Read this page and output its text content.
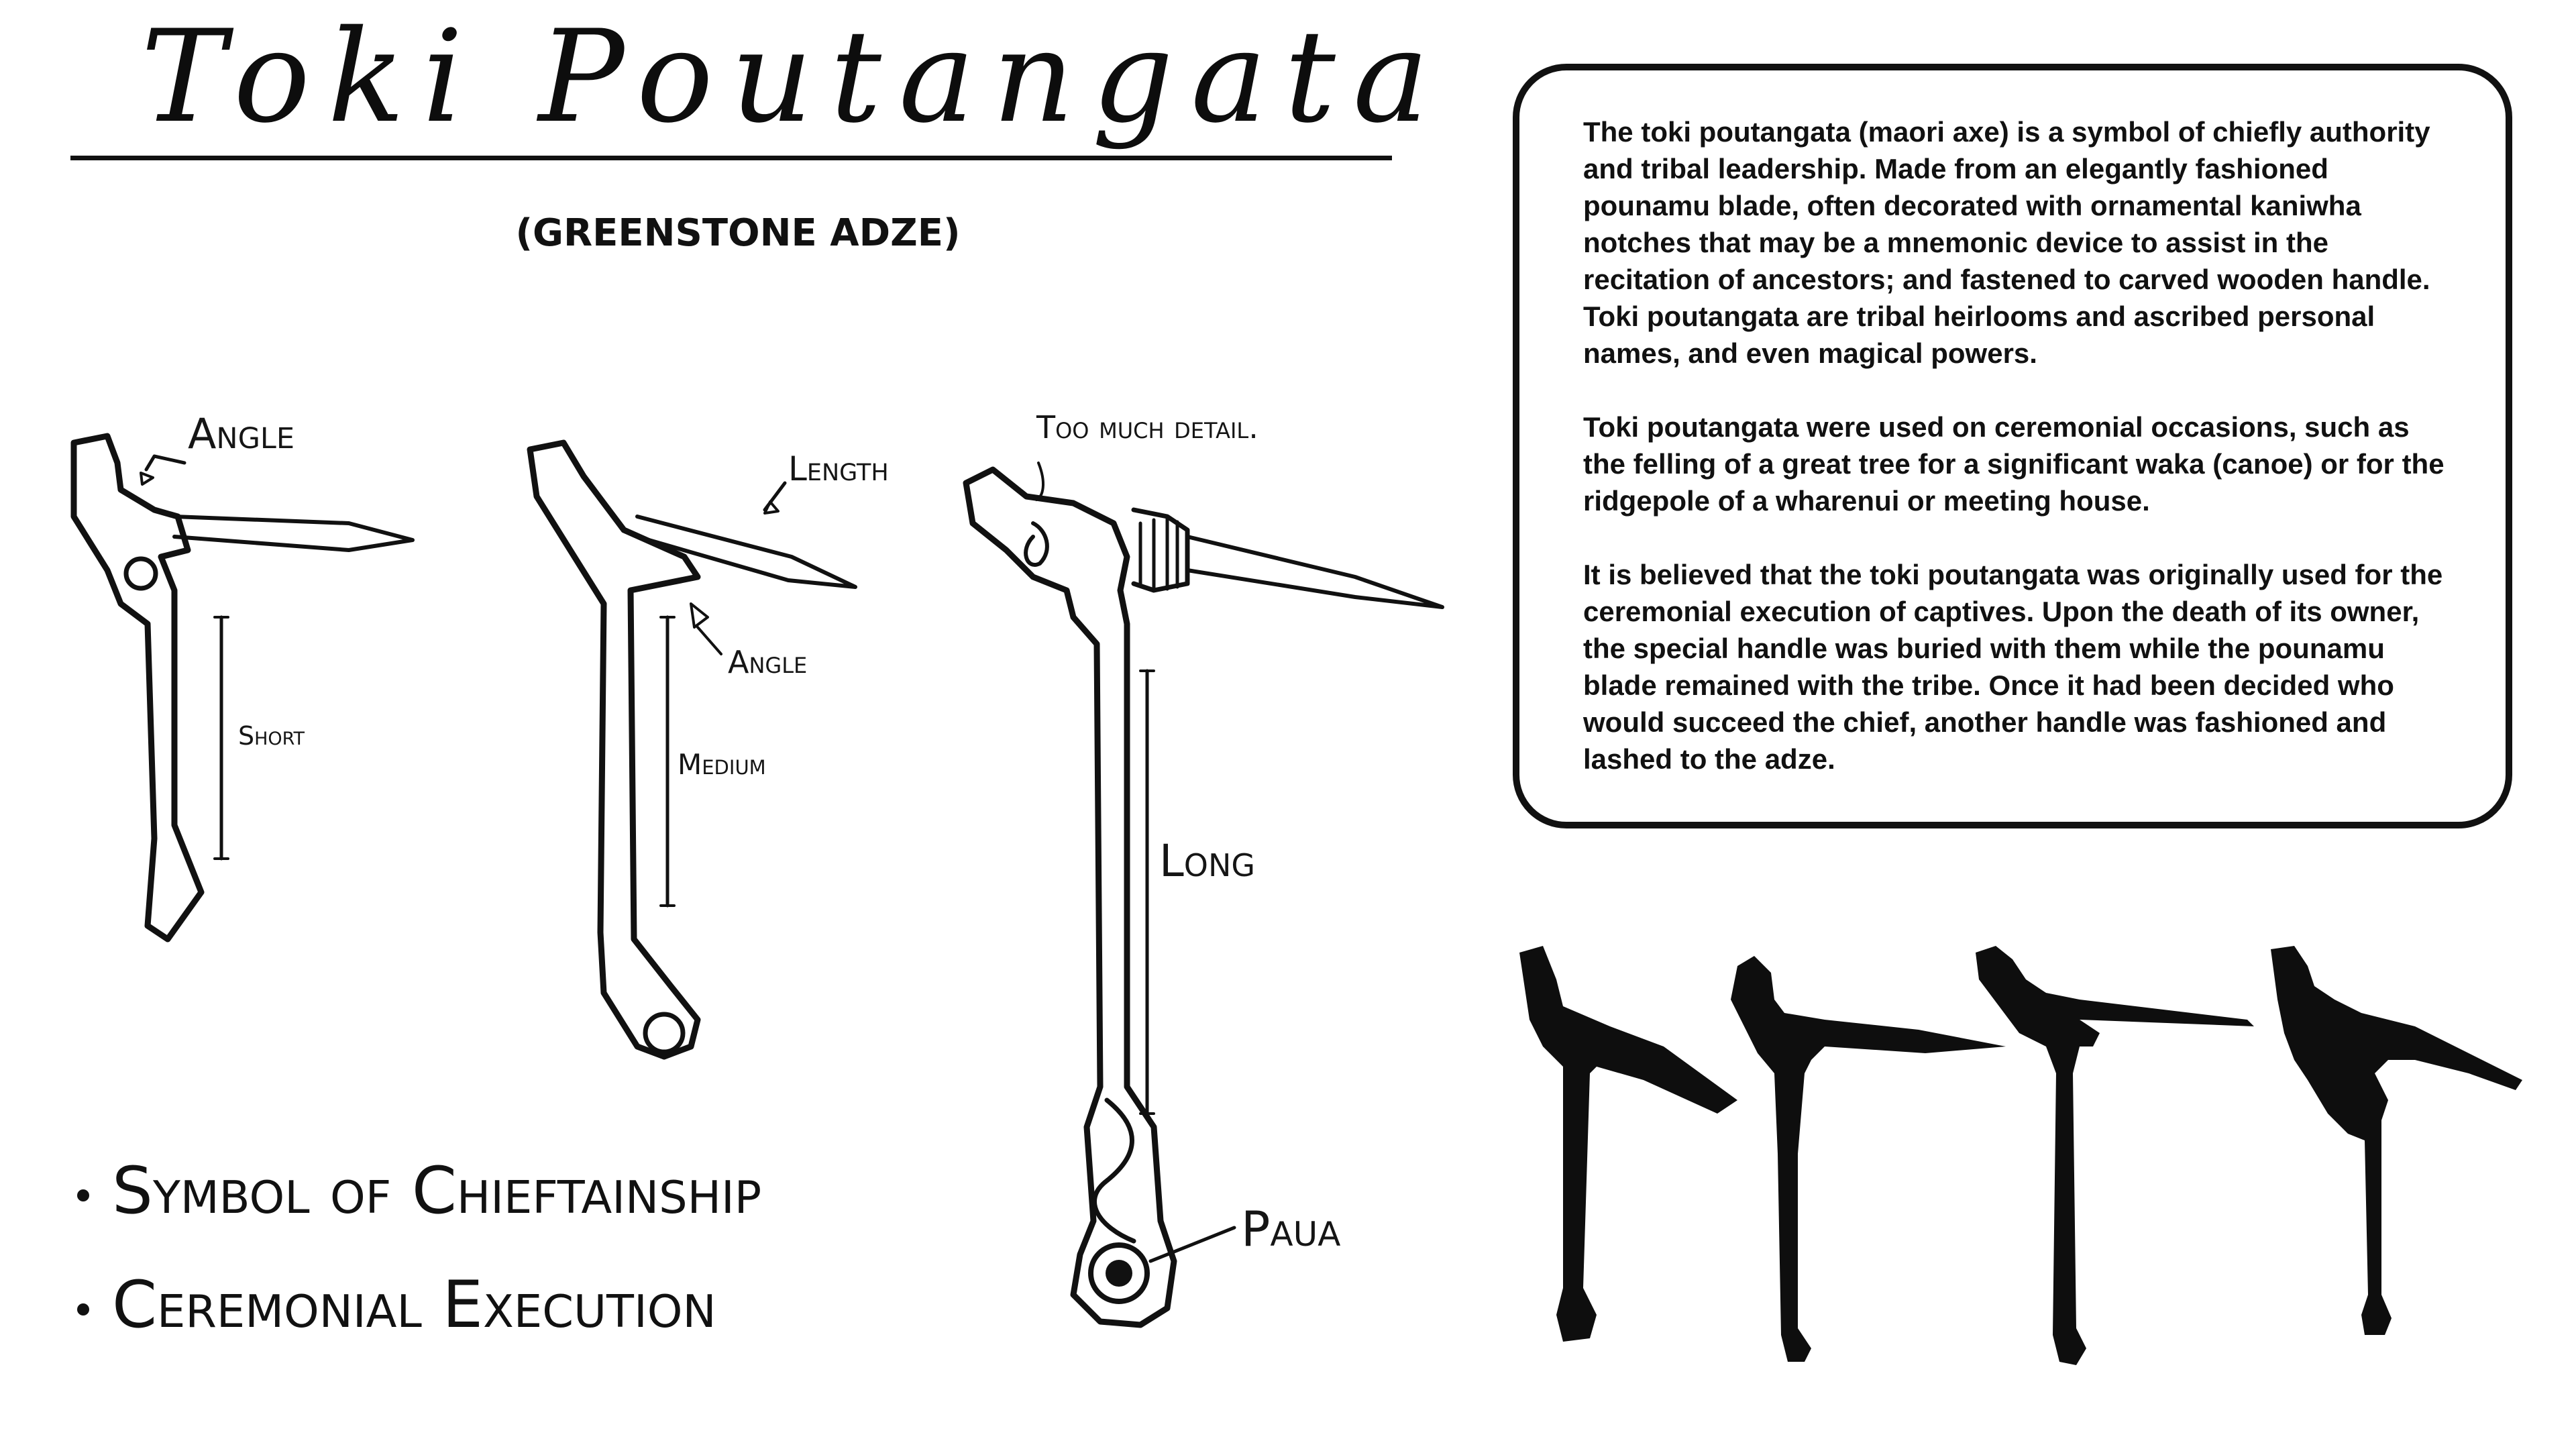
Toki Poutangata
(GREENSTONE ADZE)
Angle
Short
Length
Angle
Medium
Too much detail.
Long
Paua
Symbol of Chieftainship
Ceremonial Execution

The toki poutangata (maori axe) is a symbol of chiefly authority and tribal leadership. Made from an elegantly fashioned pounamu blade, often decorated with ornamental kaniwha notches that may be a mnemonic device to assist in the recitation of ancestors; and fastened to carved wooden handle. Toki poutangata are tribal heirlooms and ascribed personal names, and even magical powers.

Toki poutangata were used on ceremonial occasions, such as the felling of a great tree for a significant waka (canoe) or for the ridgepole of a wharenui or meeting house.

It is believed that the toki poutangata was originally used for the ceremonial execution of captives. Upon the death of its owner, the special handle was buried with them while the pounamu blade remained with the tribe. Once it had been decided who would succeed the chief, another handle was fashioned and lashed to the adze.
